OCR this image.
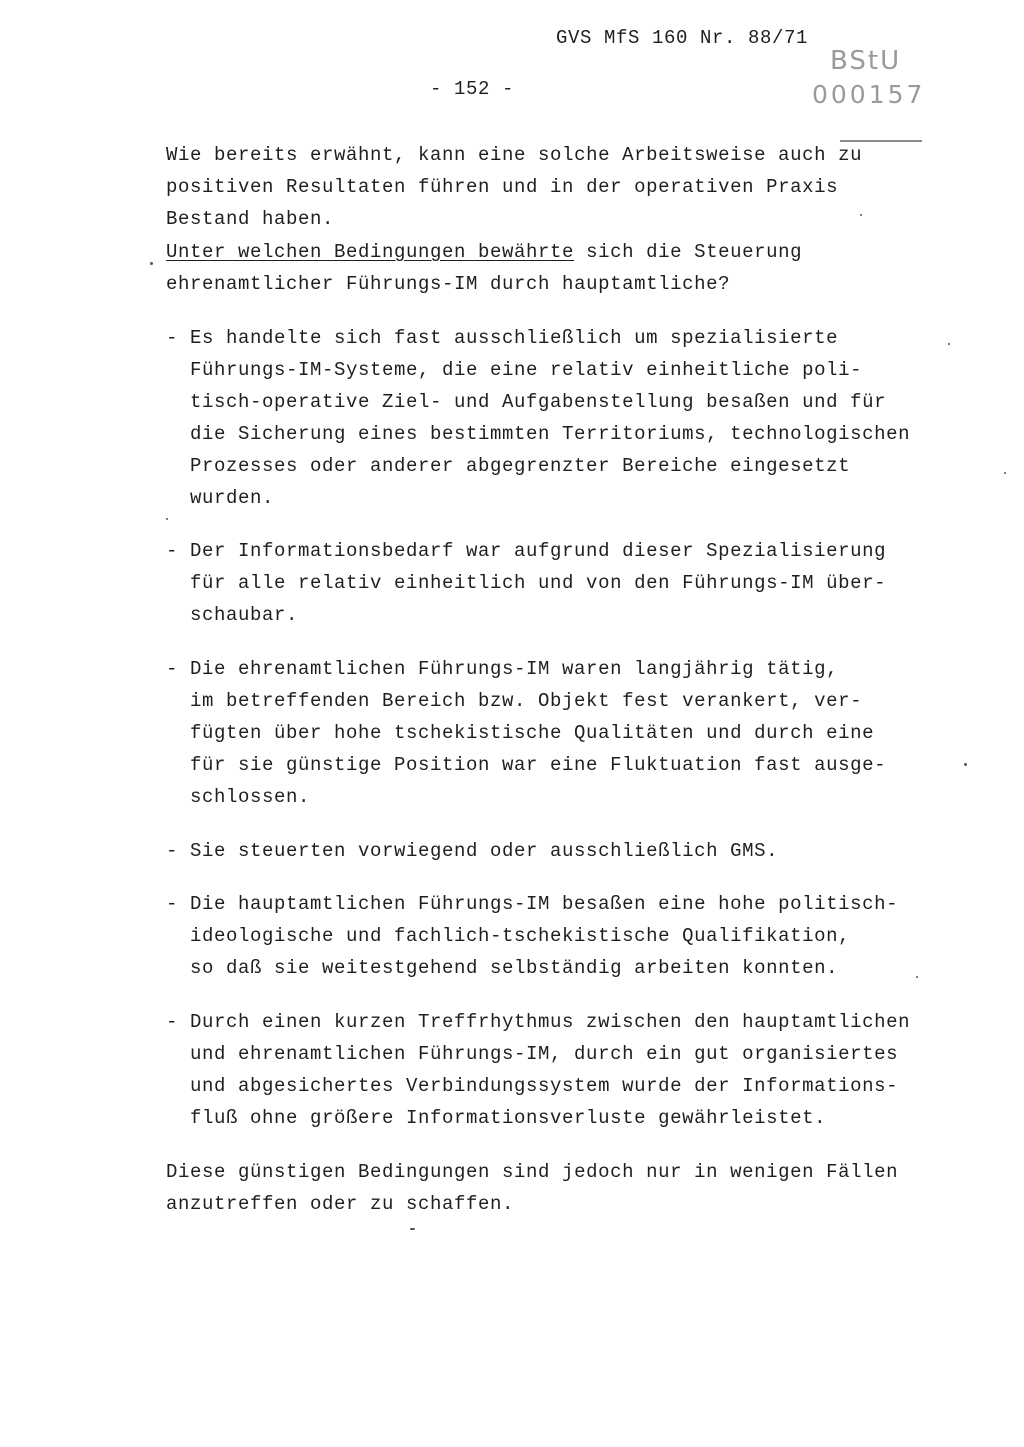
GVS MfS 160 Nr. 88/71
- 152 -
BStU
000157
Wie bereits erwähnt, kann eine solche Arbeitsweise auch zu
positiven Resultaten führen und in der operativen Praxis
Bestand haben.
Unter welchen Bedingungen bewährte sich die Steuerung
ehrenamtlicher Führungs-IM durch hauptamtliche?
-

Es handelte sich fast ausschließlich um spezialisierte

Führungs-IM-Systeme, die eine relativ einheitliche poli-

tisch-operative Ziel- und Aufgabenstellung besaßen und für

die Sicherung eines bestimmten Territoriums, technologischen

Prozesses oder anderer abgegrenzter Bereiche eingesetzt

wurden.

-

Der Informationsbedarf war aufgrund dieser Spezialisierung

für alle relativ einheitlich und von den Führungs-IM über-

schaubar.

-

Die ehrenamtlichen Führungs-IM waren langjährig tätig,

im betreffenden Bereich bzw. Objekt fest verankert, ver-

fügten über hohe tschekistische Qualitäten und durch eine

für sie günstige Position war eine Fluktuation fast ausge-

schlossen.

-

Sie steuerten vorwiegend oder ausschließlich GMS.

-

Die hauptamtlichen Führungs-IM besaßen eine hohe politisch-

ideologische und fachlich-tschekistische Qualifikation,

so daß sie weitestgehend selbständig arbeiten konnten.

-

Durch einen kurzen Treffrhythmus zwischen den hauptamtlichen

und ehrenamtlichen Führungs-IM, durch ein gut organisiertes

und abgesichertes Verbindungssystem wurde der Informations-

fluß ohne größere Informationsverluste gewährleistet.

Diese günstigen Bedingungen sind jedoch nur in wenigen Fällen
anzutreffen oder zu schaffen.
